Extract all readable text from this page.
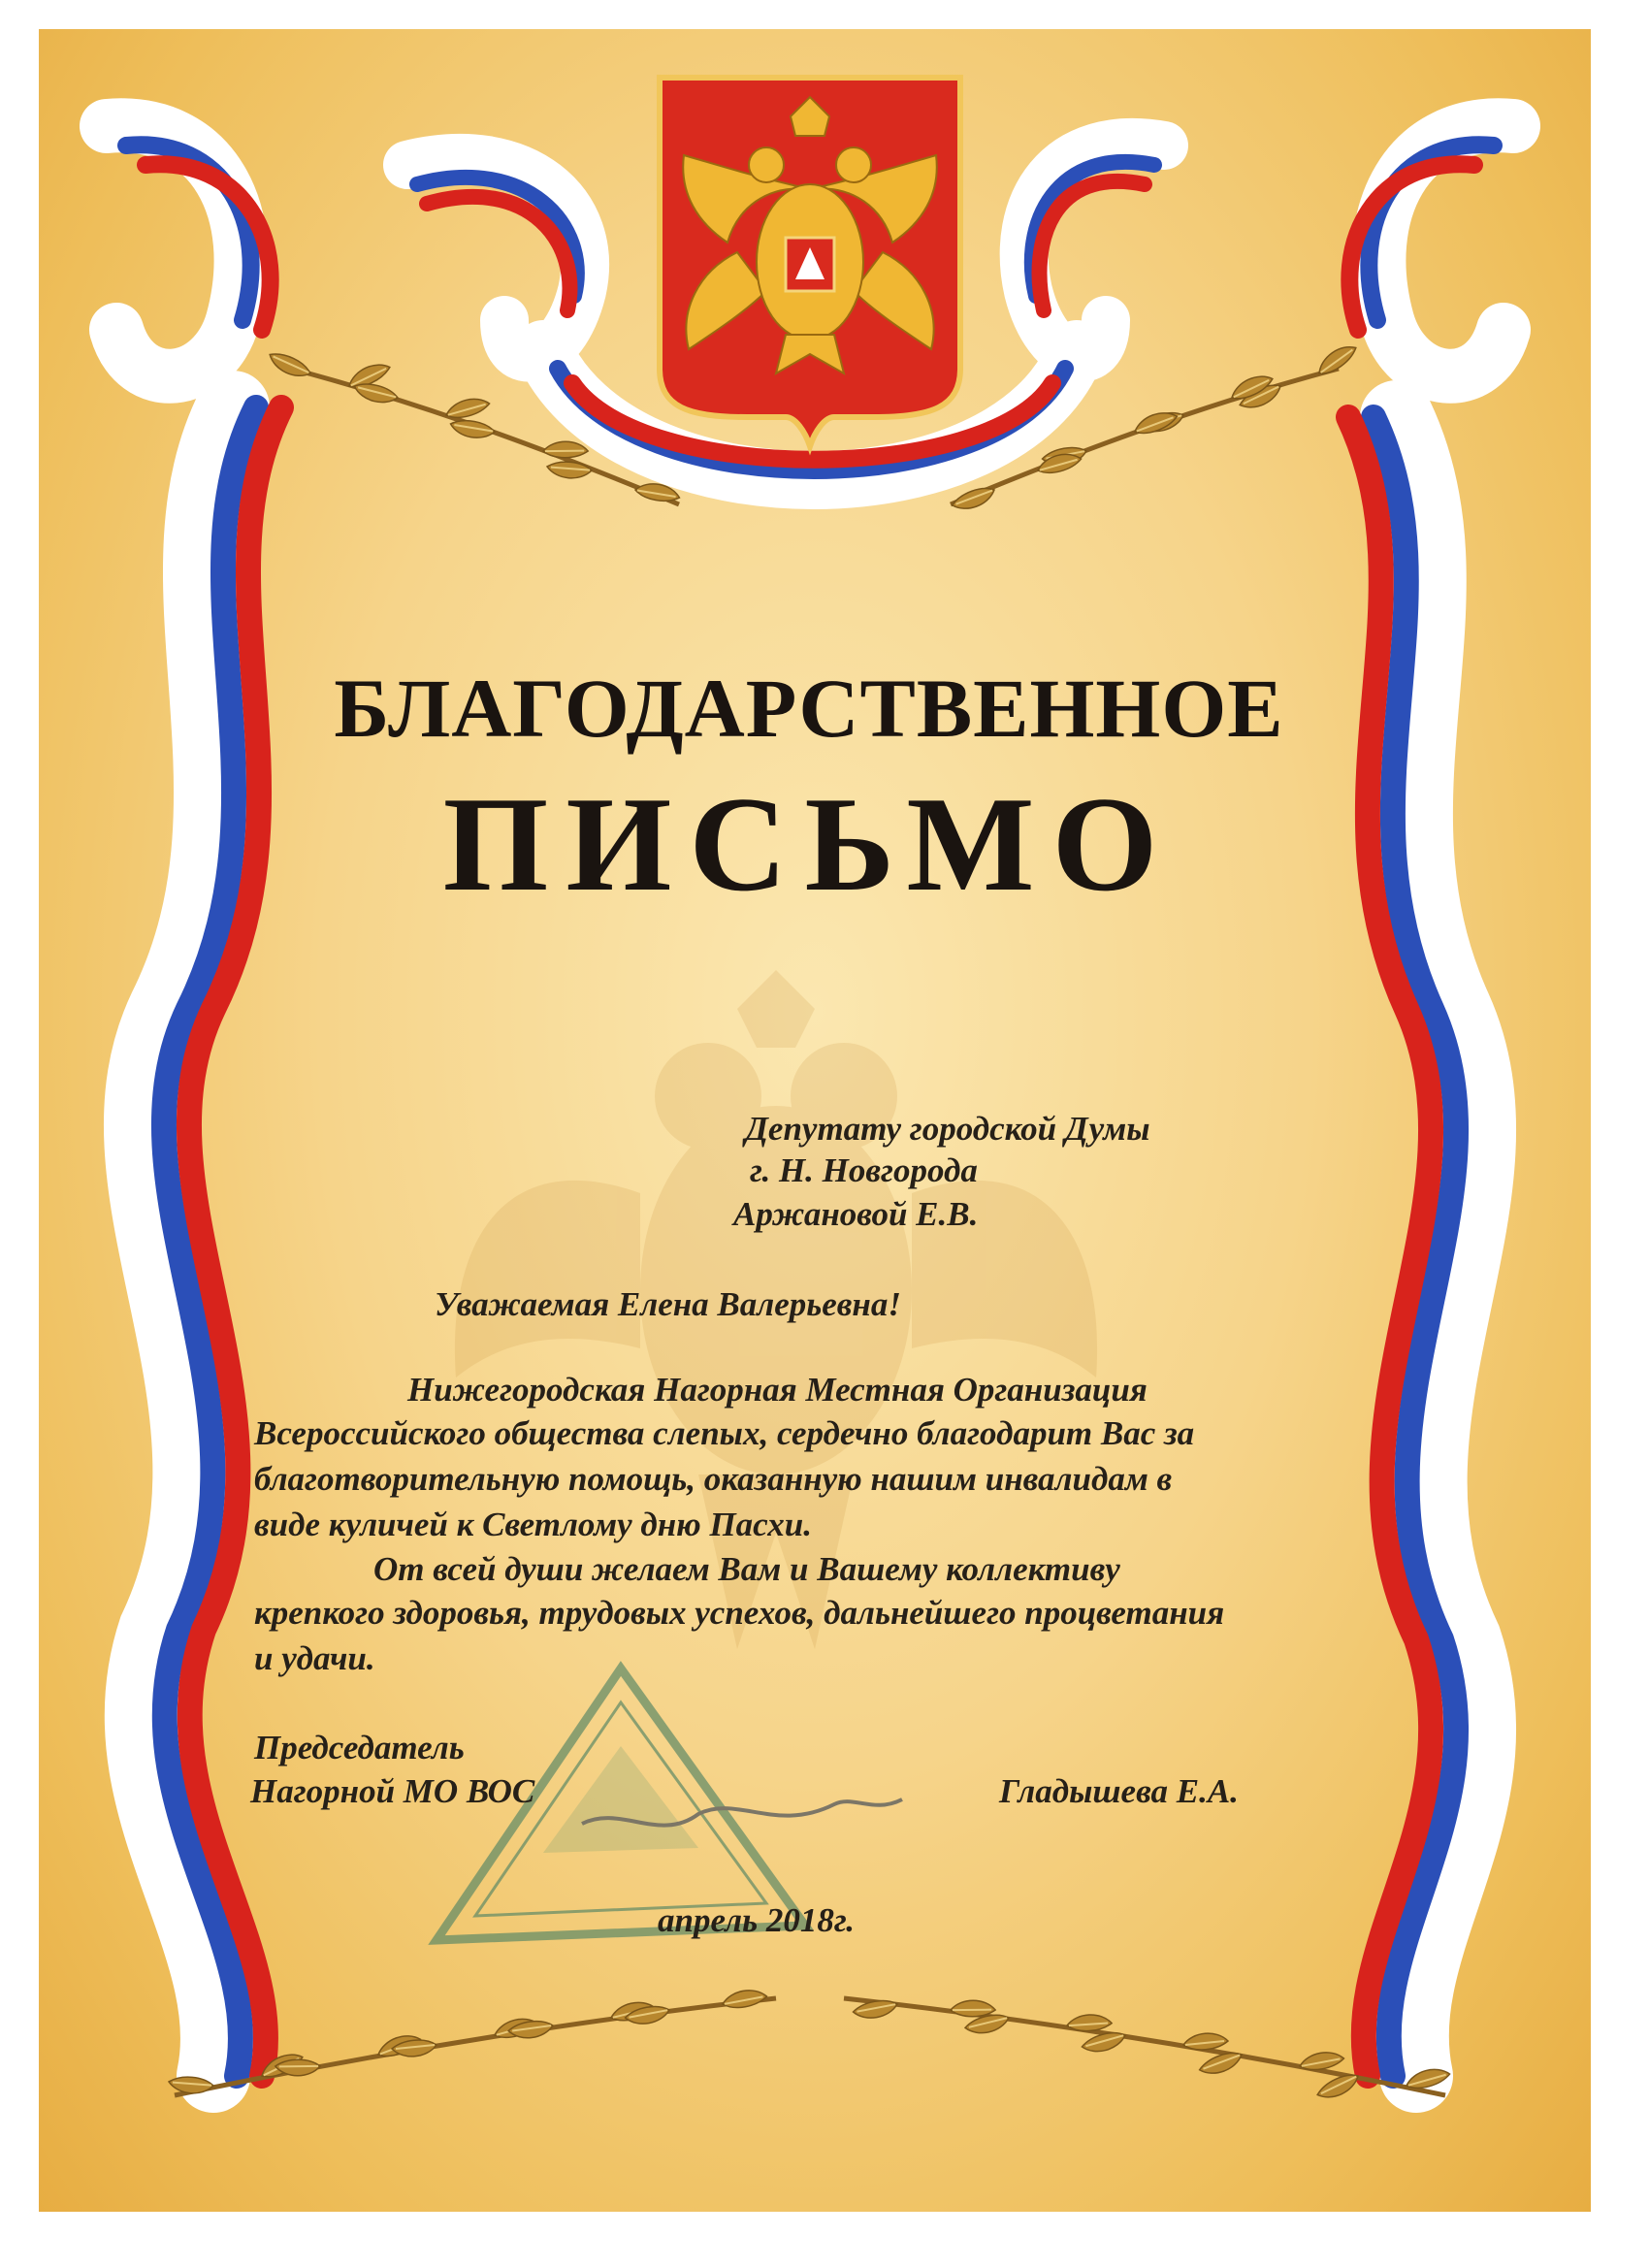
БЛАГОДАРСТВЕННОЕ
ПИСЬМО
Депутату городской Думы
г. Н. Новгорода
Аржановой Е.В.
Уважаемая Елена Валерьевна!
Нижегородская Нагорная Местная Организация
Всероссийского общества слепых, сердечно благодарит Вас за
благотворительную помощь, оказанную нашим инвалидам в
виде куличей к Светлому дню Пасхи.
От всей души желаем Вам и Вашему коллективу
крепкого здоровья, трудовых успехов, дальнейшего процветания
и удачи.
Председатель
Нагорной МО ВОС	Гладышева Е.А.
апрель 2018г.
